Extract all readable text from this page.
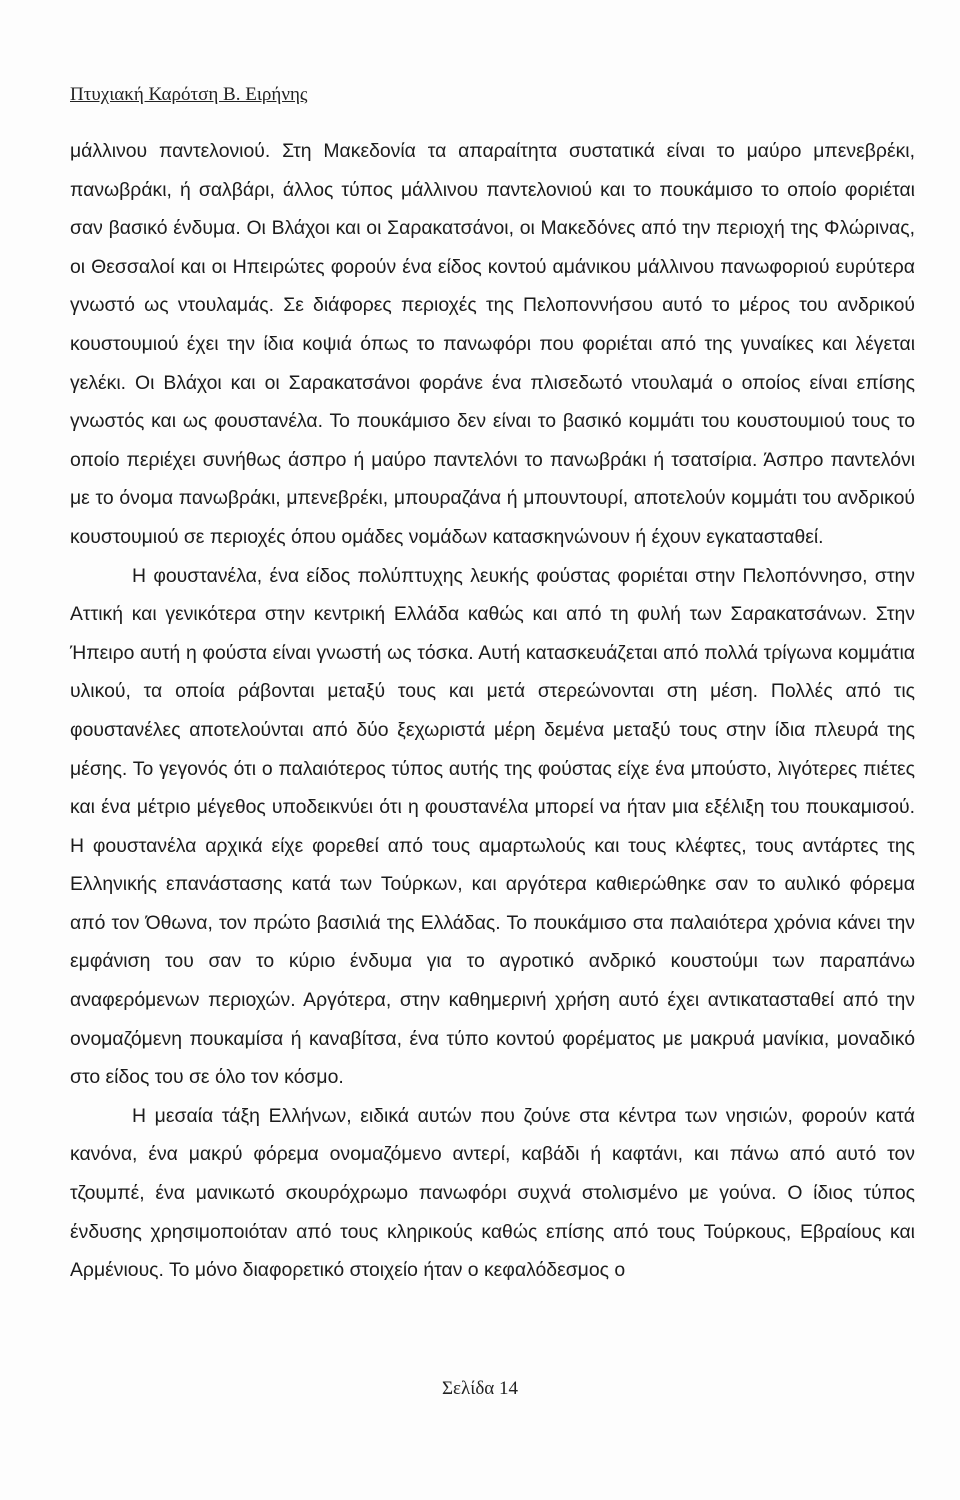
Πτυχιακή Καρότση Β. Ειρήνης

μάλλινου παντελονιού. Στη Μακεδονία τα απαραίτητα συστατικά είναι το μαύρο μπενεβρέκι, πανωβράκι, ή σαλβάρι, άλλος τύπος μάλλινου παντελονιού και το πουκάμισο το οποίο φοριέται σαν βασικό ένδυμα. Οι Βλάχοι και οι Σαρακατσάνοι, οι Μακεδόνες από την περιοχή της Φλώρινας, οι Θεσσαλοί και οι Ηπειρώτες φορούν ένα είδος κοντού αμάνικου μάλλινου πανωφοριού ευρύτερα γνωστό ως ντουλαμάς. Σε διάφορες περιοχές της Πελοποννήσου αυτό το μέρος του ανδρικού κουστουμιού έχει την ίδια κοψιά όπως το πανωφόρι που φοριέται από της γυναίκες και λέγεται γελέκι. Οι Βλάχοι και οι Σαρακατσάνοι φοράνε ένα πλισεδωτό ντουλαμά ο οποίος είναι επίσης γνωστός και ως φουστανέλα. Το πουκάμισο δεν είναι το βασικό κομμάτι του κουστουμιού τους το οποίο περιέχει συνήθως άσπρο ή μαύρο παντελόνι το πανωβράκι ή τσατσίρια. Άσπρο παντελόνι με το όνομα πανωβράκι, μπενεβρέκι, μπουραζάνα ή μπουντουρί, αποτελούν κομμάτι του ανδρικού κουστουμιού σε περιοχές όπου ομάδες νομάδων κατασκηνώνουν ή έχουν εγκατασταθεί.

Η φουστανέλα, ένα είδος πολύπτυχης λευκής φούστας φοριέται στην Πελοπόννησο, στην Αττική και γενικότερα στην κεντρική Ελλάδα καθώς και από τη φυλή των Σαρακατσάνων. Στην Ήπειρο αυτή η φούστα είναι γνωστή ως τόσκα. Αυτή κατασκευάζεται από πολλά τρίγωνα κομμάτια υλικού, τα οποία ράβονται μεταξύ τους και μετά στερεώνονται στη μέση. Πολλές από τις φουστανέλες αποτελούνται από δύο ξεχωριστά μέρη δεμένα μεταξύ τους στην ίδια πλευρά της μέσης. Το γεγονός ότι ο παλαιότερος τύπος αυτής της φούστας είχε ένα μπούστο, λιγότερες πιέτες και ένα μέτριο μέγεθος υποδεικνύει ότι η φουστανέλα μπορεί να ήταν μια εξέλιξη του πουκαμισού. Η φουστανέλα αρχικά είχε φορεθεί από τους αμαρτωλούς και τους κλέφτες, τους αντάρτες της Ελληνικής επανάστασης κατά των Τούρκων, και αργότερα καθιερώθηκε σαν το αυλικό φόρεμα από τον Όθωνα, τον πρώτο βασιλιά της Ελλάδας. Το πουκάμισο στα παλαιότερα χρόνια κάνει την εμφάνιση του σαν το κύριο ένδυμα για το αγροτικό ανδρικό κουστούμι των παραπάνω αναφερόμενων περιοχών. Αργότερα, στην καθημερινή χρήση αυτό έχει αντικατασταθεί από την ονομαζόμενη πουκαμίσα ή καναβίτσα, ένα τύπο κοντού φορέματος με μακρυά μανίκια, μοναδικό στο είδος του σε όλο τον κόσμο.

Η μεσαία τάξη Ελλήνων, ειδικά αυτών που ζούνε στα κέντρα των νησιών, φορούν κατά κανόνα, ένα μακρύ φόρεμα ονομαζόμενο αντερί, καβάδι ή καφτάνι, και πάνω από αυτό τον τζουμπέ, ένα μανικωτό σκουρόχρωμο πανωφόρι συχνά στολισμένο με γούνα. Ο ίδιος τύπος ένδυσης χρησιμοποιόταν από τους κληρικούς καθώς επίσης από τους Τούρκους, Εβραίους και Αρμένιους. Το μόνο διαφορετικό στοιχείο ήταν ο κεφαλόδεσμος ο

Σελίδα 14
